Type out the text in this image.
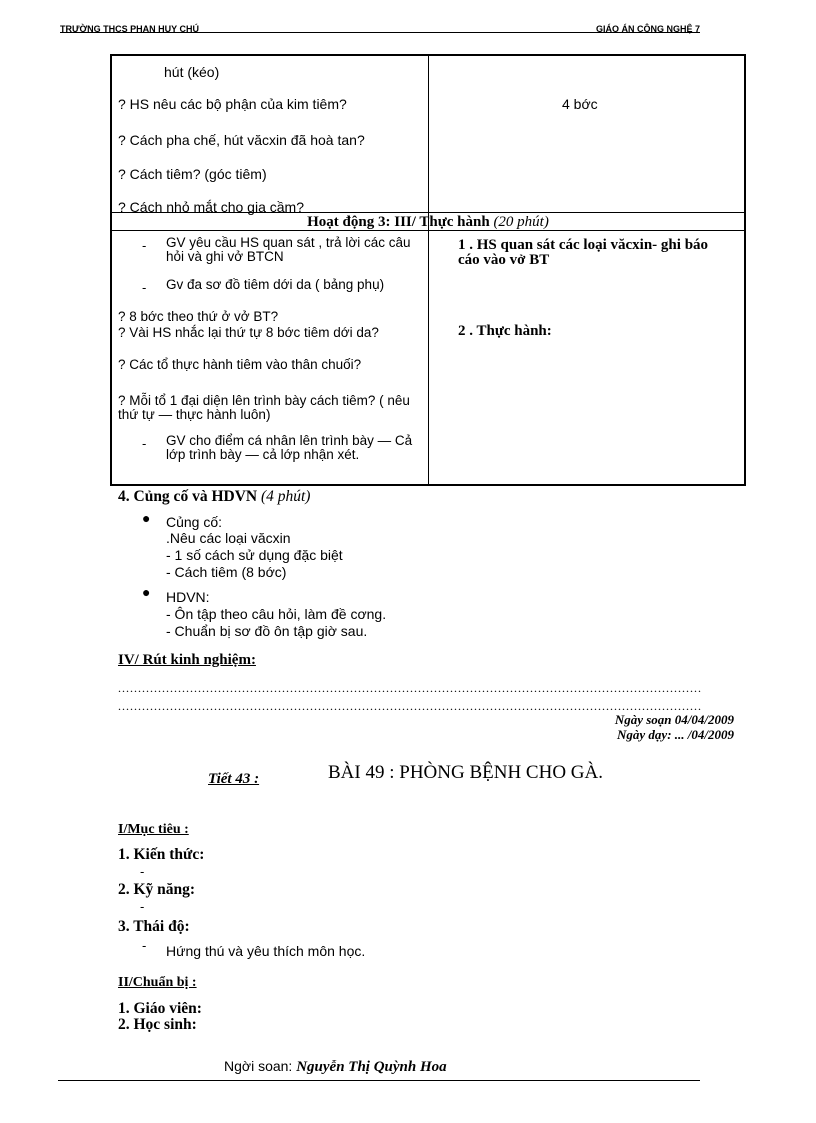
TRƯỜNG THCS PHAN HUY CHÚ	GIÁO ÁN CÔNG NGHỆ 7
hút (kéo)
? HS nêu các bộ phận của kim tiêm?
? Cách pha chế, hút văcxin đã hoà tan?
? Cách tiêm? (góc tiêm)
? Cách nhỏ mắt cho gia cầm?
4 bớc
Hoạt động 3: III/ Thực hành (20 phút)
- GV yêu cầu HS quan sát , trả lời các câu hỏi và ghi vở BTCN
- Gv đa sơ đồ tiêm dới da ( bảng phụ)
? 8 bớc theo thứ ở vở BT?
? Vài HS nhắc lại thứ tự 8 bớc tiêm dới da?
? Các tổ thực hành tiêm vào thân chuối?
? Mỗi tổ 1 đại diện lên trình bày cách tiêm? ( nêu thứ tự — thực hành luôn)
- GV cho điểm cá nhân lên trình bày — Cả lớp trình bày — cả lớp nhận xét.
1 . HS quan sát các loại văcxin- ghi báo cáo vào vở BT
2 . Thực hành:
4. Củng cố và HDVN (4 phút)
● Củng cố:
.Nêu các loại văcxin
- 1 số cách sử dụng đặc biệt
- Cách tiêm (8 bớc)
● HDVN:
- Ôn tập theo câu hỏi, làm đề cơng.
- Chuẩn bị sơ đồ ôn tập giờ sau.
IV/ Rút kinh nghiệm:
..................................................................................................................................................
..................................................................................................................................................
Ngày soạn 04/04/2009
Ngày dạy: ... /04/2009
Tiết 43 :	BÀI 49 : PHÒNG BỆNH CHO GÀ.
I/Mục tiêu :
1. Kiến thức:
-
2. Kỹ năng:
-
3. Thái độ:
- Hứng thú và yêu thích môn học.
II/Chuẩn bị :
1. Giáo viên:
2. Học sinh:
Ngời soan: Nguyễn Thị Quỳnh Hoa
